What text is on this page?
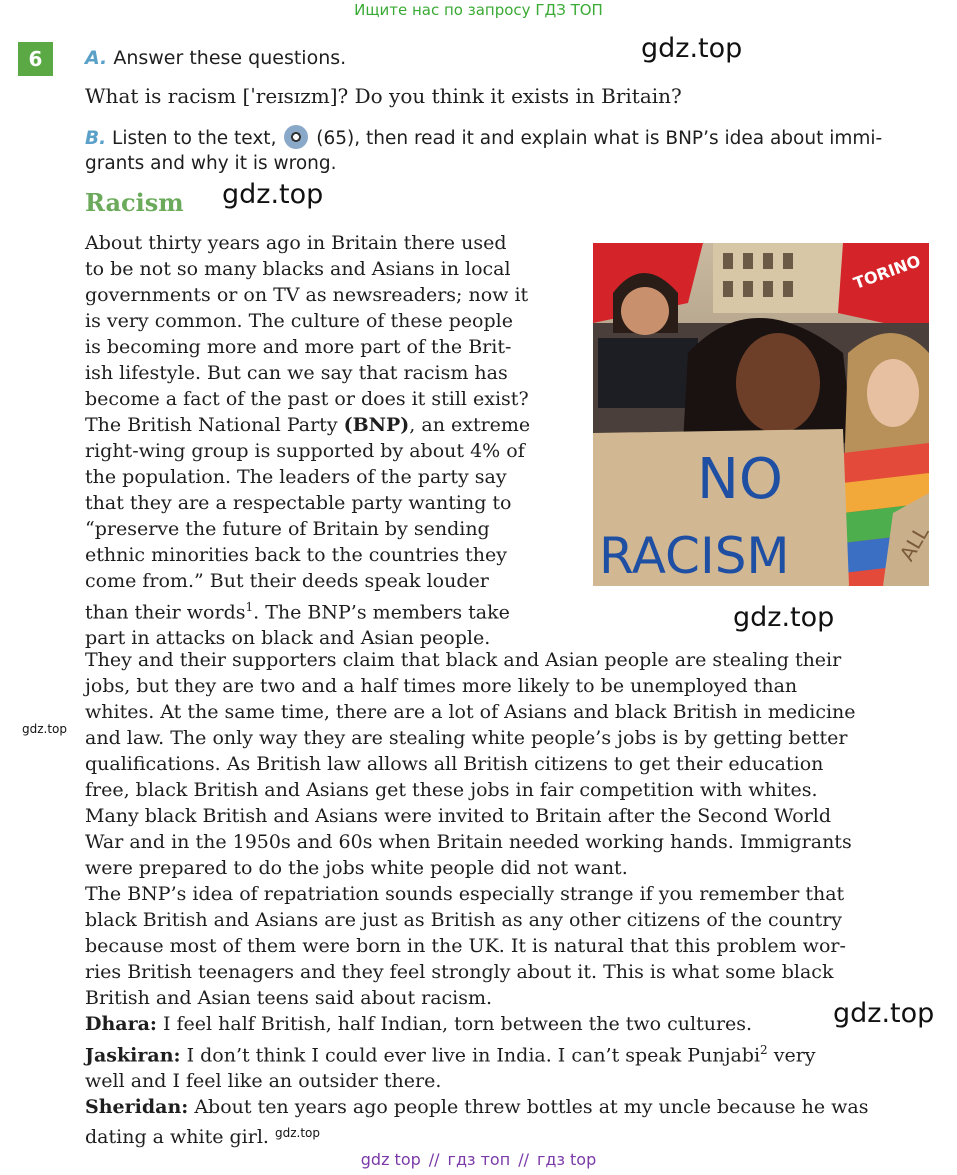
Ищите нас по запросу ГДЗ ТОП
gdz.top
6	A. Answer these questions.
What is racism [ˈreɪsɪzm]? Do you think it exists in Britain?
B. Listen to the text, (65), then read it and explain what is BNP’s idea about immi-
grants and why it is wrong.
Racism gdz.top

About thirty years ago in Britain there used

to be not so many blacks and Asians in local

governments or on TV as newsreaders; now it

is very common. The culture of these people

is becoming more and more part of the Brit-

ish lifestyle. But can we say that racism has

become a fact of the past or does it still exist?

The British National Party (BNP), an extreme

right-wing group is supported by about 4% of

the population. The leaders of the party say

that they are a respectable party wanting to

“preserve the future of Britain by sending

ethnic minorities back to the countries they

come from.” But their deeds speak louder

than their words$^1$. The BNP’s members take

part in attacks on black and Asian people.

TORINO
NO
RACISM	ALL
gdz.top
gdz.top

They and their supporters claim that black and Asian people are stealing their

jobs, but they are two and a half times more likely to be unemployed than

whites. At the same time, there are a lot of Asians and black British in medicine

and law. The only way they are stealing white people’s jobs is by getting better

qualifications. As British law allows all British citizens to get their education

free, black British and Asians get these jobs in fair competition with whites.

Many black British and Asians were invited to Britain after the Second World

War and in the 1950s and 60s when Britain needed working hands. Immigrants

were prepared to do the jobs white people did not want.

The BNP’s idea of repatriation sounds especially strange if you remember that

black British and Asians are just as British as any other citizens of the country

because most of them were born in the UK. It is natural that this problem wor-

ries British teenagers and they feel strongly about it. This is what some black

British and Asian teens said about racism.

Dhara: I feel half British, half Indian, torn between the two cultures.

Jaskiran: I don’t think I could ever live in India. I can’t speak Punjabi$^2$ very

well and I feel like an outsider there.

Sheridan: About ten years ago people threw bottles at my uncle because he was

dating a white girl. $^{gdz.top}$

gdz.top
gdz top // гдз топ // гдз top
